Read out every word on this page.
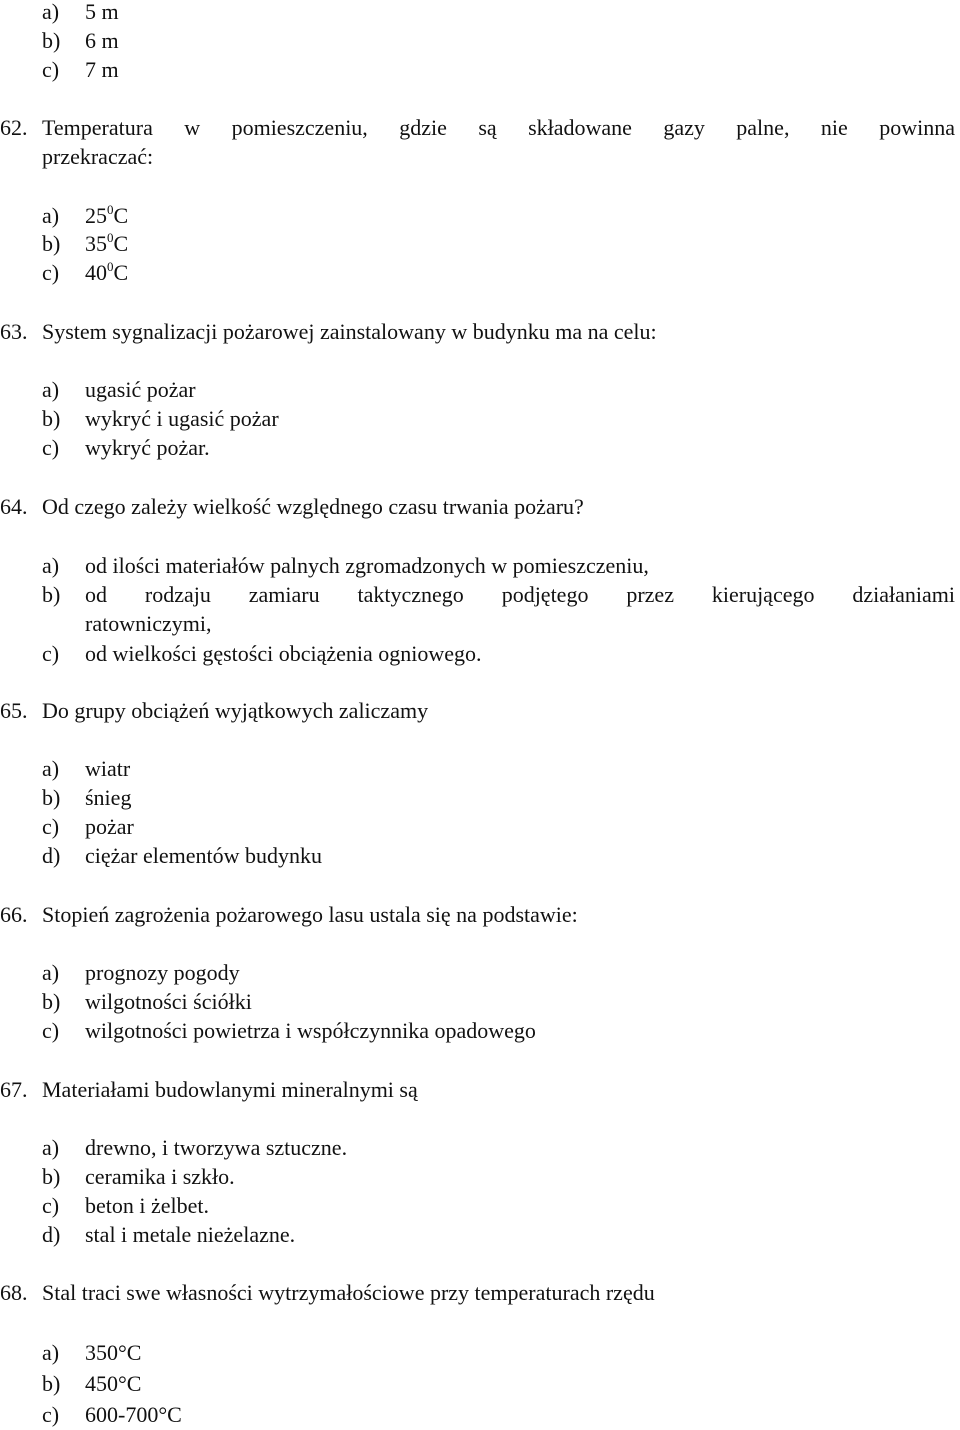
a) 5 m
b) 6 m
c) 7 m
62. Temperatura w pomieszczeniu, gdzie są składowane gazy palne, nie powinna
przekraczać:
a) $25^0C$
b) $35^0C$
c) $40^0C$
63. System sygnalizacji pożarowej zainstalowany w budynku ma na celu:
a) ugasić pożar
b) wykryć i ugasić pożar
c) wykryć pożar.
64. Od czego zależy wielkość względnego czasu trwania pożaru?
a) od ilości materiałów palnych zgromadzonych w pomieszczeniu,
b) od rodzaju zamiaru taktycznego podjętego przez kierującego działaniami
ratowniczymi,
c) od wielkości gęstości obciążenia ogniowego.
65. Do grupy obciążeń wyjątkowych zaliczamy
a) wiatr
b) śnieg
c) pożar
d) ciężar elementów budynku
66. Stopień zagrożenia pożarowego lasu ustala się na podstawie:
a) prognozy pogody
b) wilgotności ściółki
c) wilgotności powietrza i współczynnika opadowego
67. Materiałami budowlanymi mineralnymi są
a) drewno, i tworzywa sztuczne.
b) ceramika i szkło.
c) beton i żelbet.
d) stal i metale nieżelazne.
68. Stal traci swe własności wytrzymałościowe przy temperaturach rzędu
a) 350°C
b) 450°C
c) 600-700°C
